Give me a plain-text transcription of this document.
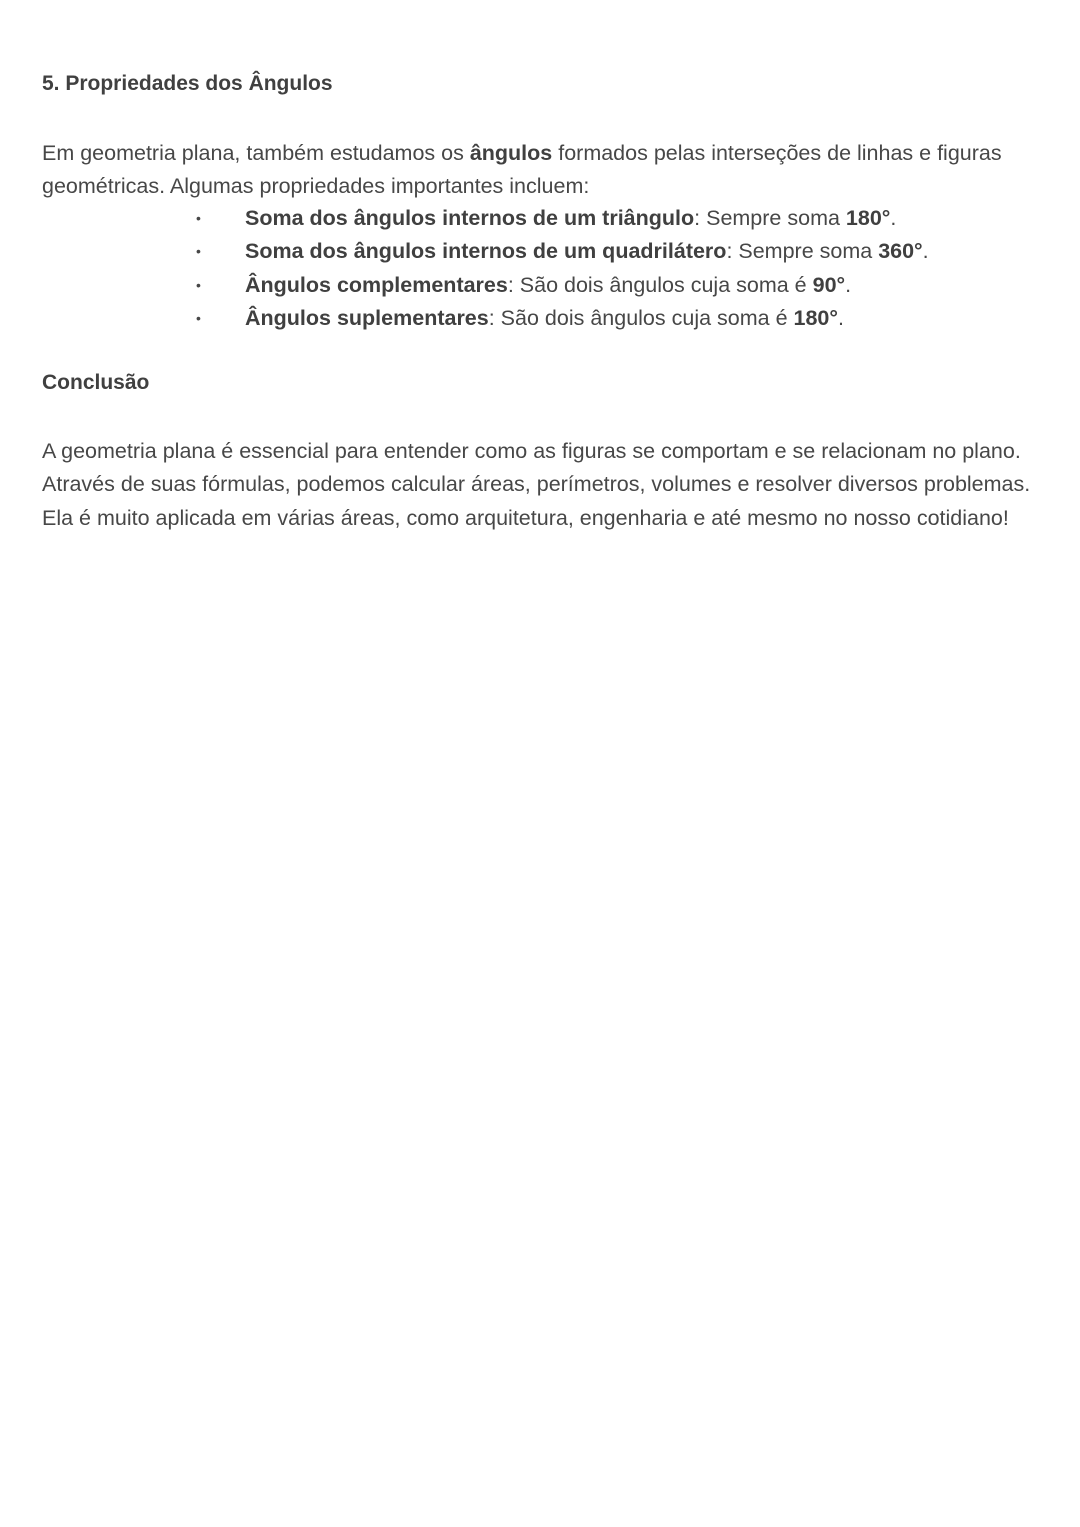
5. Propriedades dos Ângulos
Em geometria plana, também estudamos os ângulos formados pelas interseções de linhas e figuras geométricas. Algumas propriedades importantes incluem:
• Soma dos ângulos internos de um triângulo: Sempre soma 180°.
• Soma dos ângulos internos de um quadrilátero: Sempre soma 360°.
• Ângulos complementares: São dois ângulos cuja soma é 90°.
• Ângulos suplementares: São dois ângulos cuja soma é 180°.
Conclusão
A geometria plana é essencial para entender como as figuras se comportam e se relacionam no plano. Através de suas fórmulas, podemos calcular áreas, perímetros, volumes e resolver diversos problemas. Ela é muito aplicada em várias áreas, como arquitetura, engenharia e até mesmo no nosso cotidiano!
